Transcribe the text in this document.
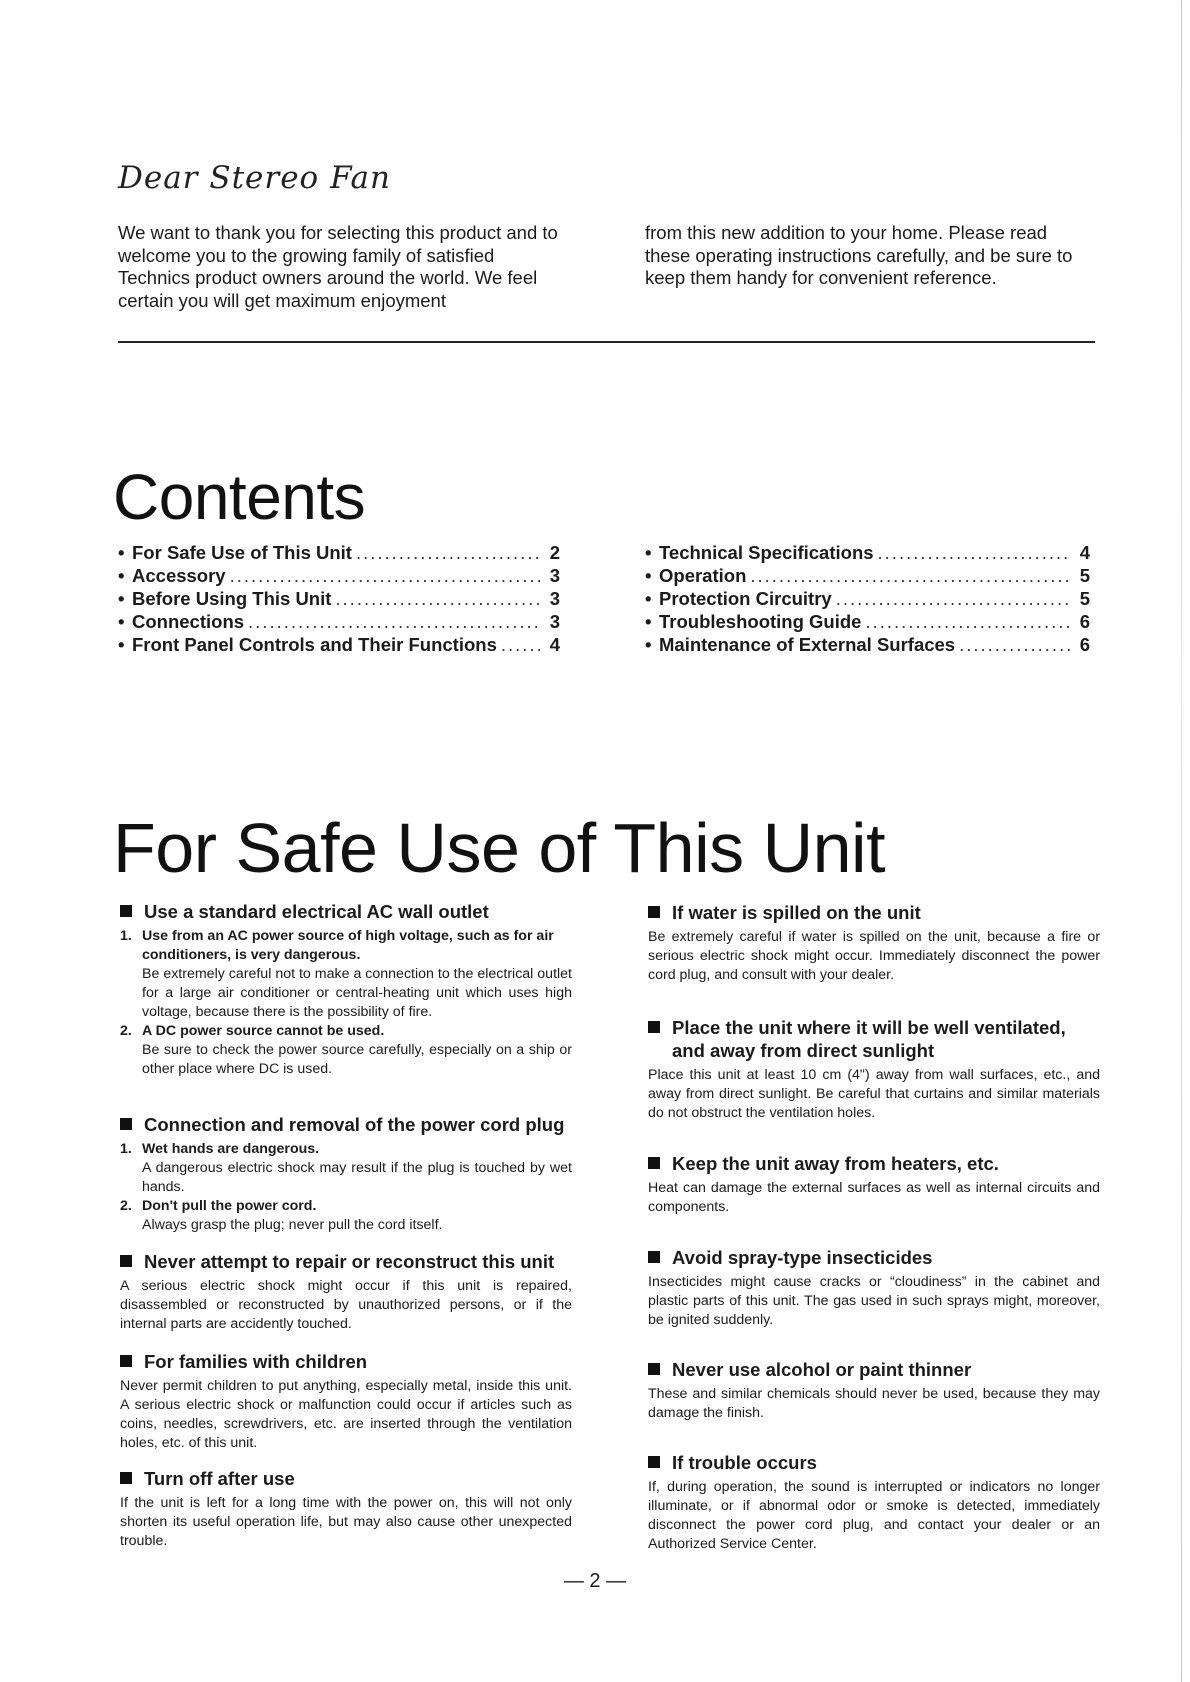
Dear Stereo Fan

We want to thank you for selecting this product and to welcome you to the growing family of satisfied Technics product owners around the world. We feel certain you will get maximum enjoyment

from this new addition to your home. Please read these operating instructions carefully, and be sure to keep them handy for convenient reference.

Contents
• For Safe Use of This Unit .....	2
• Accessory .....	3
• Before Using This Unit .....	3
• Connections .....	3
• Front Panel Controls and Their Functions .....	4
• Technical Specifications .....	4
• Operation .....	5
• Protection Circuitry .....	5
• Troubleshooting Guide .....	6
• Maintenance of External Surfaces .....	6
For Safe Use of This Unit
Use a standard electrical AC wall outlet
1. Use from an AC power source of high voltage, such as for air conditioners, is very dangerous.
Be extremely careful not to make a connection to the electrical outlet for a large air conditioner or central-heating unit which uses high voltage, because there is the possibility of fire.
2. A DC power source cannot be used.
Be sure to check the power source carefully, especially on a ship or other place where DC is used.
Connection and removal of the power cord plug
1. Wet hands are dangerous.
A dangerous electric shock may result if the plug is touched by wet hands.
2. Don't pull the power cord.
Always grasp the plug; never pull the cord itself.
Never attempt to repair or reconstruct this unit

A serious electric shock might occur if this unit is repaired, disassembled or reconstructed by unauthorized persons, or if the internal parts are accidently touched.

For families with children

Never permit children to put anything, especially metal, inside this unit. A serious electric shock or malfunction could occur if articles such as coins, needles, screwdrivers, etc. are inserted through the ventilation holes, etc. of this unit.

Turn off after use

If the unit is left for a long time with the power on, this will not only shorten its useful operation life, but may also cause other unexpected trouble.

If water is spilled on the unit

Be extremely careful if water is spilled on the unit, because a fire or serious electric shock might occur. Immediately disconnect the power cord plug, and consult with your dealer.

Place the unit where it will be well ventilated, and away from direct sunlight

Place this unit at least 10 cm (4") away from wall surfaces, etc., and away from direct sunlight. Be careful that curtains and similar materials do not obstruct the ventilation holes.

Keep the unit away from heaters, etc.

Heat can damage the external surfaces as well as internal circuits and components.

Avoid spray-type insecticides

Insecticides might cause cracks or “cloudiness” in the cabinet and plastic parts of this unit. The gas used in such sprays might, moreover, be ignited suddenly.

Never use alcohol or paint thinner

These and similar chemicals should never be used, because they may damage the finish.

If trouble occurs

If, during operation, the sound is interrupted or indicators no longer illuminate, or if abnormal odor or smoke is detected, immediately disconnect the power cord plug, and contact your dealer or an Authorized Service Center.

— 2 —
